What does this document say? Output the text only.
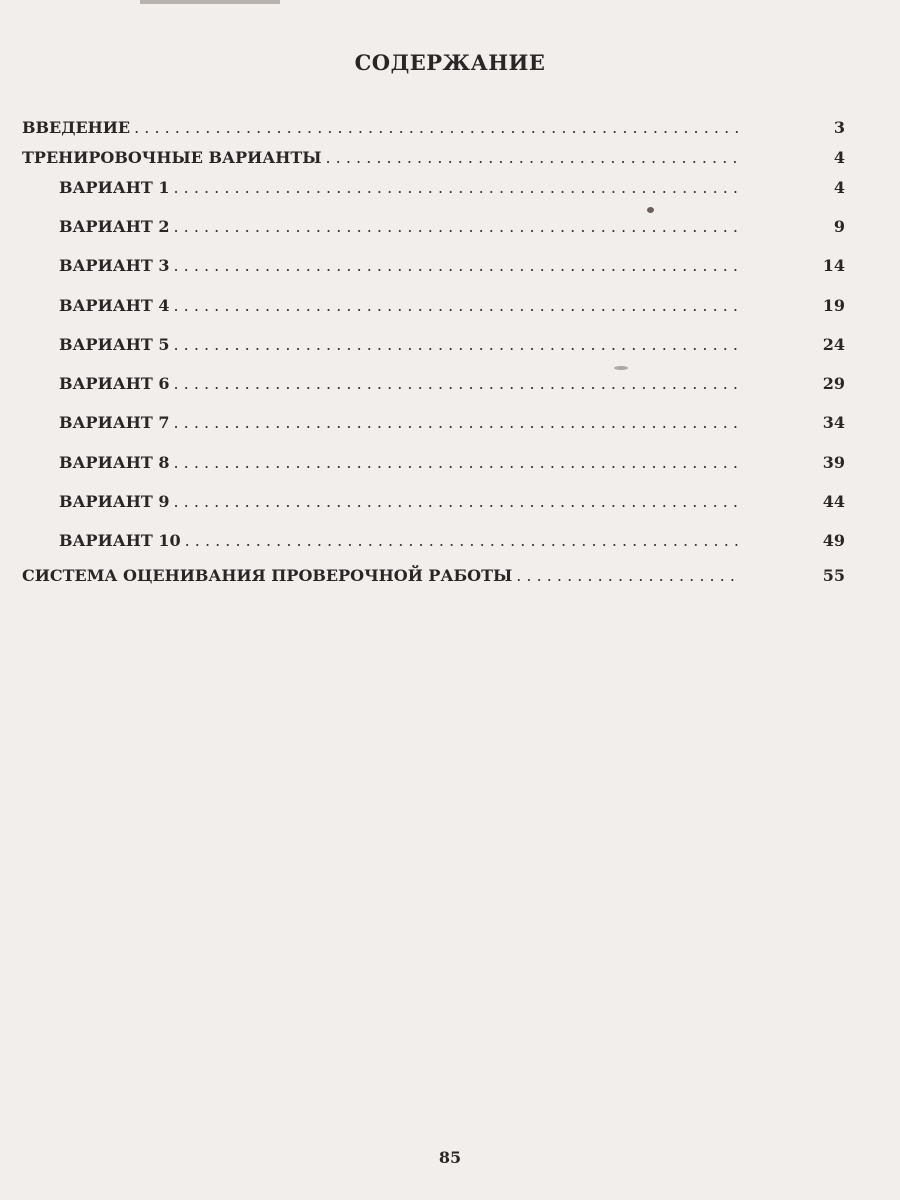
СОДЕРЖАНИЕ
ВВЕДЕНИЕ . . .	3
ТРЕНИРОВОЧНЫЕ ВАРИАНТЫ . . .	4
ВАРИАНТ 1 . . .	4
ВАРИАНТ 2 . . .	9
ВАРИАНТ 3 . . .	14
ВАРИАНТ 4 . . .	19
ВАРИАНТ 5 . . .	24
ВАРИАНТ 6 . . .	29
ВАРИАНТ 7 . . .	34
ВАРИАНТ 8 . . .	39
ВАРИАНТ 9 . . .	44
ВАРИАНТ 10 . . .	49
СИСТЕМА ОЦЕНИВАНИЯ ПРОВЕРОЧНОЙ РАБОТЫ . . .	55
85
